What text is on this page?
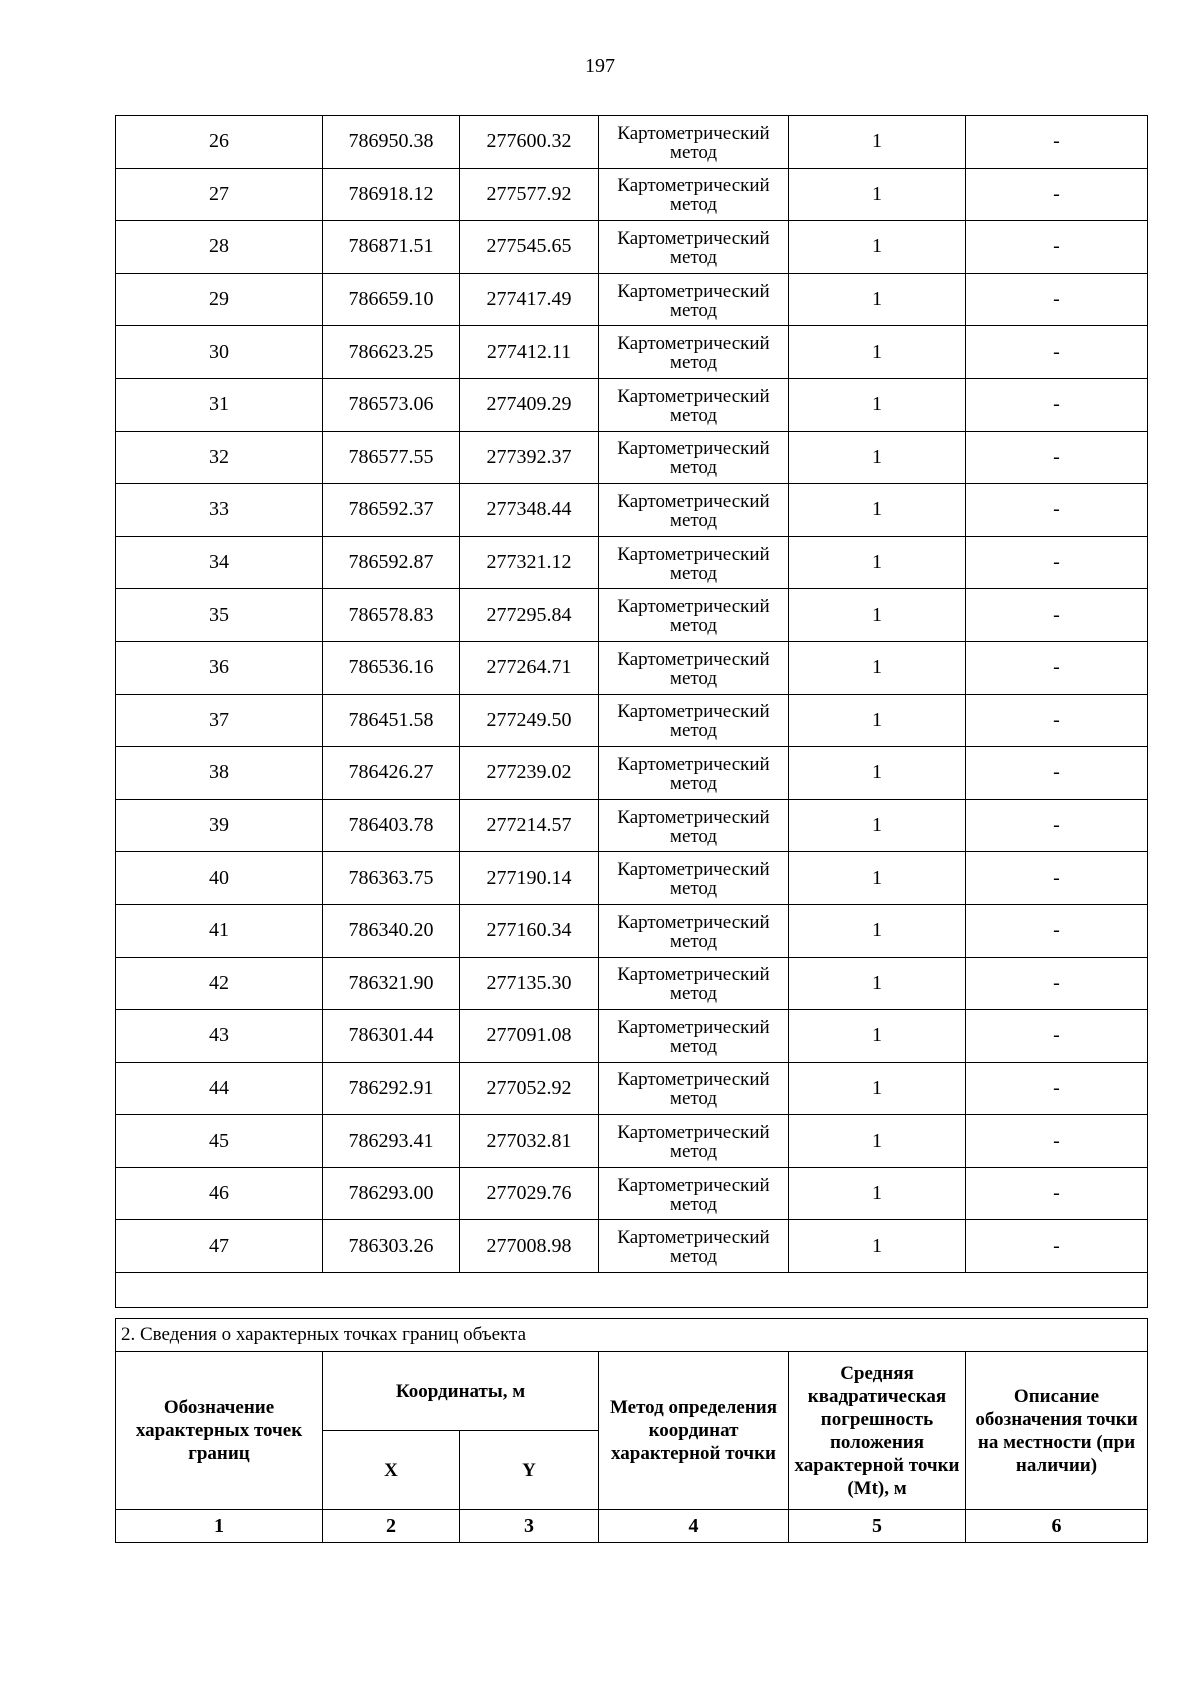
197
26	786950.38	277600.32	Картометрический метод	1	-
27	786918.12	277577.92	Картометрический метод	1	-
28	786871.51	277545.65	Картометрический метод	1	-
29	786659.10	277417.49	Картометрический метод	1	-
30	786623.25	277412.11	Картометрический метод	1	-
31	786573.06	277409.29	Картометрический метод	1	-
32	786577.55	277392.37	Картометрический метод	1	-
33	786592.37	277348.44	Картометрический метод	1	-
34	786592.87	277321.12	Картометрический метод	1	-
35	786578.83	277295.84	Картометрический метод	1	-
36	786536.16	277264.71	Картометрический метод	1	-
37	786451.58	277249.50	Картометрический метод	1	-
38	786426.27	277239.02	Картометрический метод	1	-
39	786403.78	277214.57	Картометрический метод	1	-
40	786363.75	277190.14	Картометрический метод	1	-
41	786340.20	277160.34	Картометрический метод	1	-
42	786321.90	277135.30	Картометрический метод	1	-
43	786301.44	277091.08	Картометрический метод	1	-
44	786292.91	277052.92	Картометрический метод	1	-
45	786293.41	277032.81	Картометрический метод	1	-
46	786293.00	277029.76	Картометрический метод	1	-
47	786303.26	277008.98	Картометрический метод	1	-

2. Сведения о характерных точках границ объекта					
Обозначение характерных точек границ	Координаты, м		Метод определения координат характерной точки	Средняя квадратическая погрешность положения характерной точки (Mt), м	Описание обозначения точки на местности (при наличии)
	X	Y			
1	2	3	4	5	6
